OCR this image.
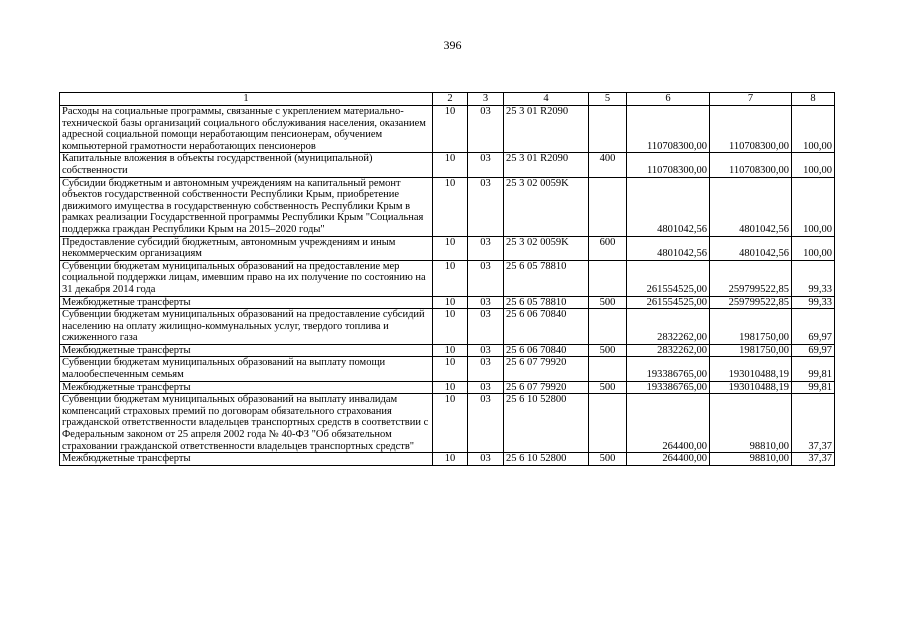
396
1	2	3	4	5	6	7	8
Расходы на социальные программы, связанные с укреплением материально-технической базы организаций социального обслуживания населения, оказанием адресной социальной помощи неработающим пенсионерам, обучением компьютерной грамотности неработающих пенсионеров	10	03	25 3 01 R2090		110708300,00	110708300,00	100,00
Капитальные вложения в объекты государственной (муниципальной) собственности	10	03	25 3 01 R2090	400	110708300,00	110708300,00	100,00
Субсидии бюджетным и автономным учреждениям на капитальный ремонт объектов государственной собственности Республики Крым, приобретение движимого имущества в государственную собственность Республики Крым в рамках реализации Государственной программы Республики Крым "Социальная поддержка граждан Республики Крым на 2015–2020 годы"	10	03	25 3 02 0059K		4801042,56	4801042,56	100,00
Предоставление субсидий бюджетным, автономным учреждениям и иным некоммерческим организациям	10	03	25 3 02 0059K	600	4801042,56	4801042,56	100,00
Субвенции бюджетам муниципальных образований на предоставление мер социальной поддержки лицам, имевшим право на их получение по состоянию на 31 декабря 2014 года	10	03	25 6 05 78810		261554525,00	259799522,85	99,33
Межбюджетные трансферты	10	03	25 6 05 78810	500	261554525,00	259799522,85	99,33
Субвенции бюджетам муниципальных образований на предоставление субсидий населению на оплату жилищно-коммунальных услуг, твердого топлива и сжиженного газа	10	03	25 6 06 70840		2832262,00	1981750,00	69,97
Межбюджетные трансферты	10	03	25 6 06 70840	500	2832262,00	1981750,00	69,97
Субвенции бюджетам муниципальных образований на выплату помощи малообеспеченным семьям	10	03	25 6 07 79920		193386765,00	193010488,19	99,81
Межбюджетные трансферты	10	03	25 6 07 79920	500	193386765,00	193010488,19	99,81
Субвенции бюджетам муниципальных образований на выплату инвалидам компенсаций страховых премий по договорам обязательного страхования гражданской ответственности владельцев транспортных средств в соответствии с Федеральным законом от 25 апреля 2002 года № 40-ФЗ "Об обязательном страховании гражданской ответственности владельцев транспортных средств"	10	03	25 6 10 52800		264400,00	98810,00	37,37
Межбюджетные трансферты	10	03	25 6 10 52800	500	264400,00	98810,00	37,37
